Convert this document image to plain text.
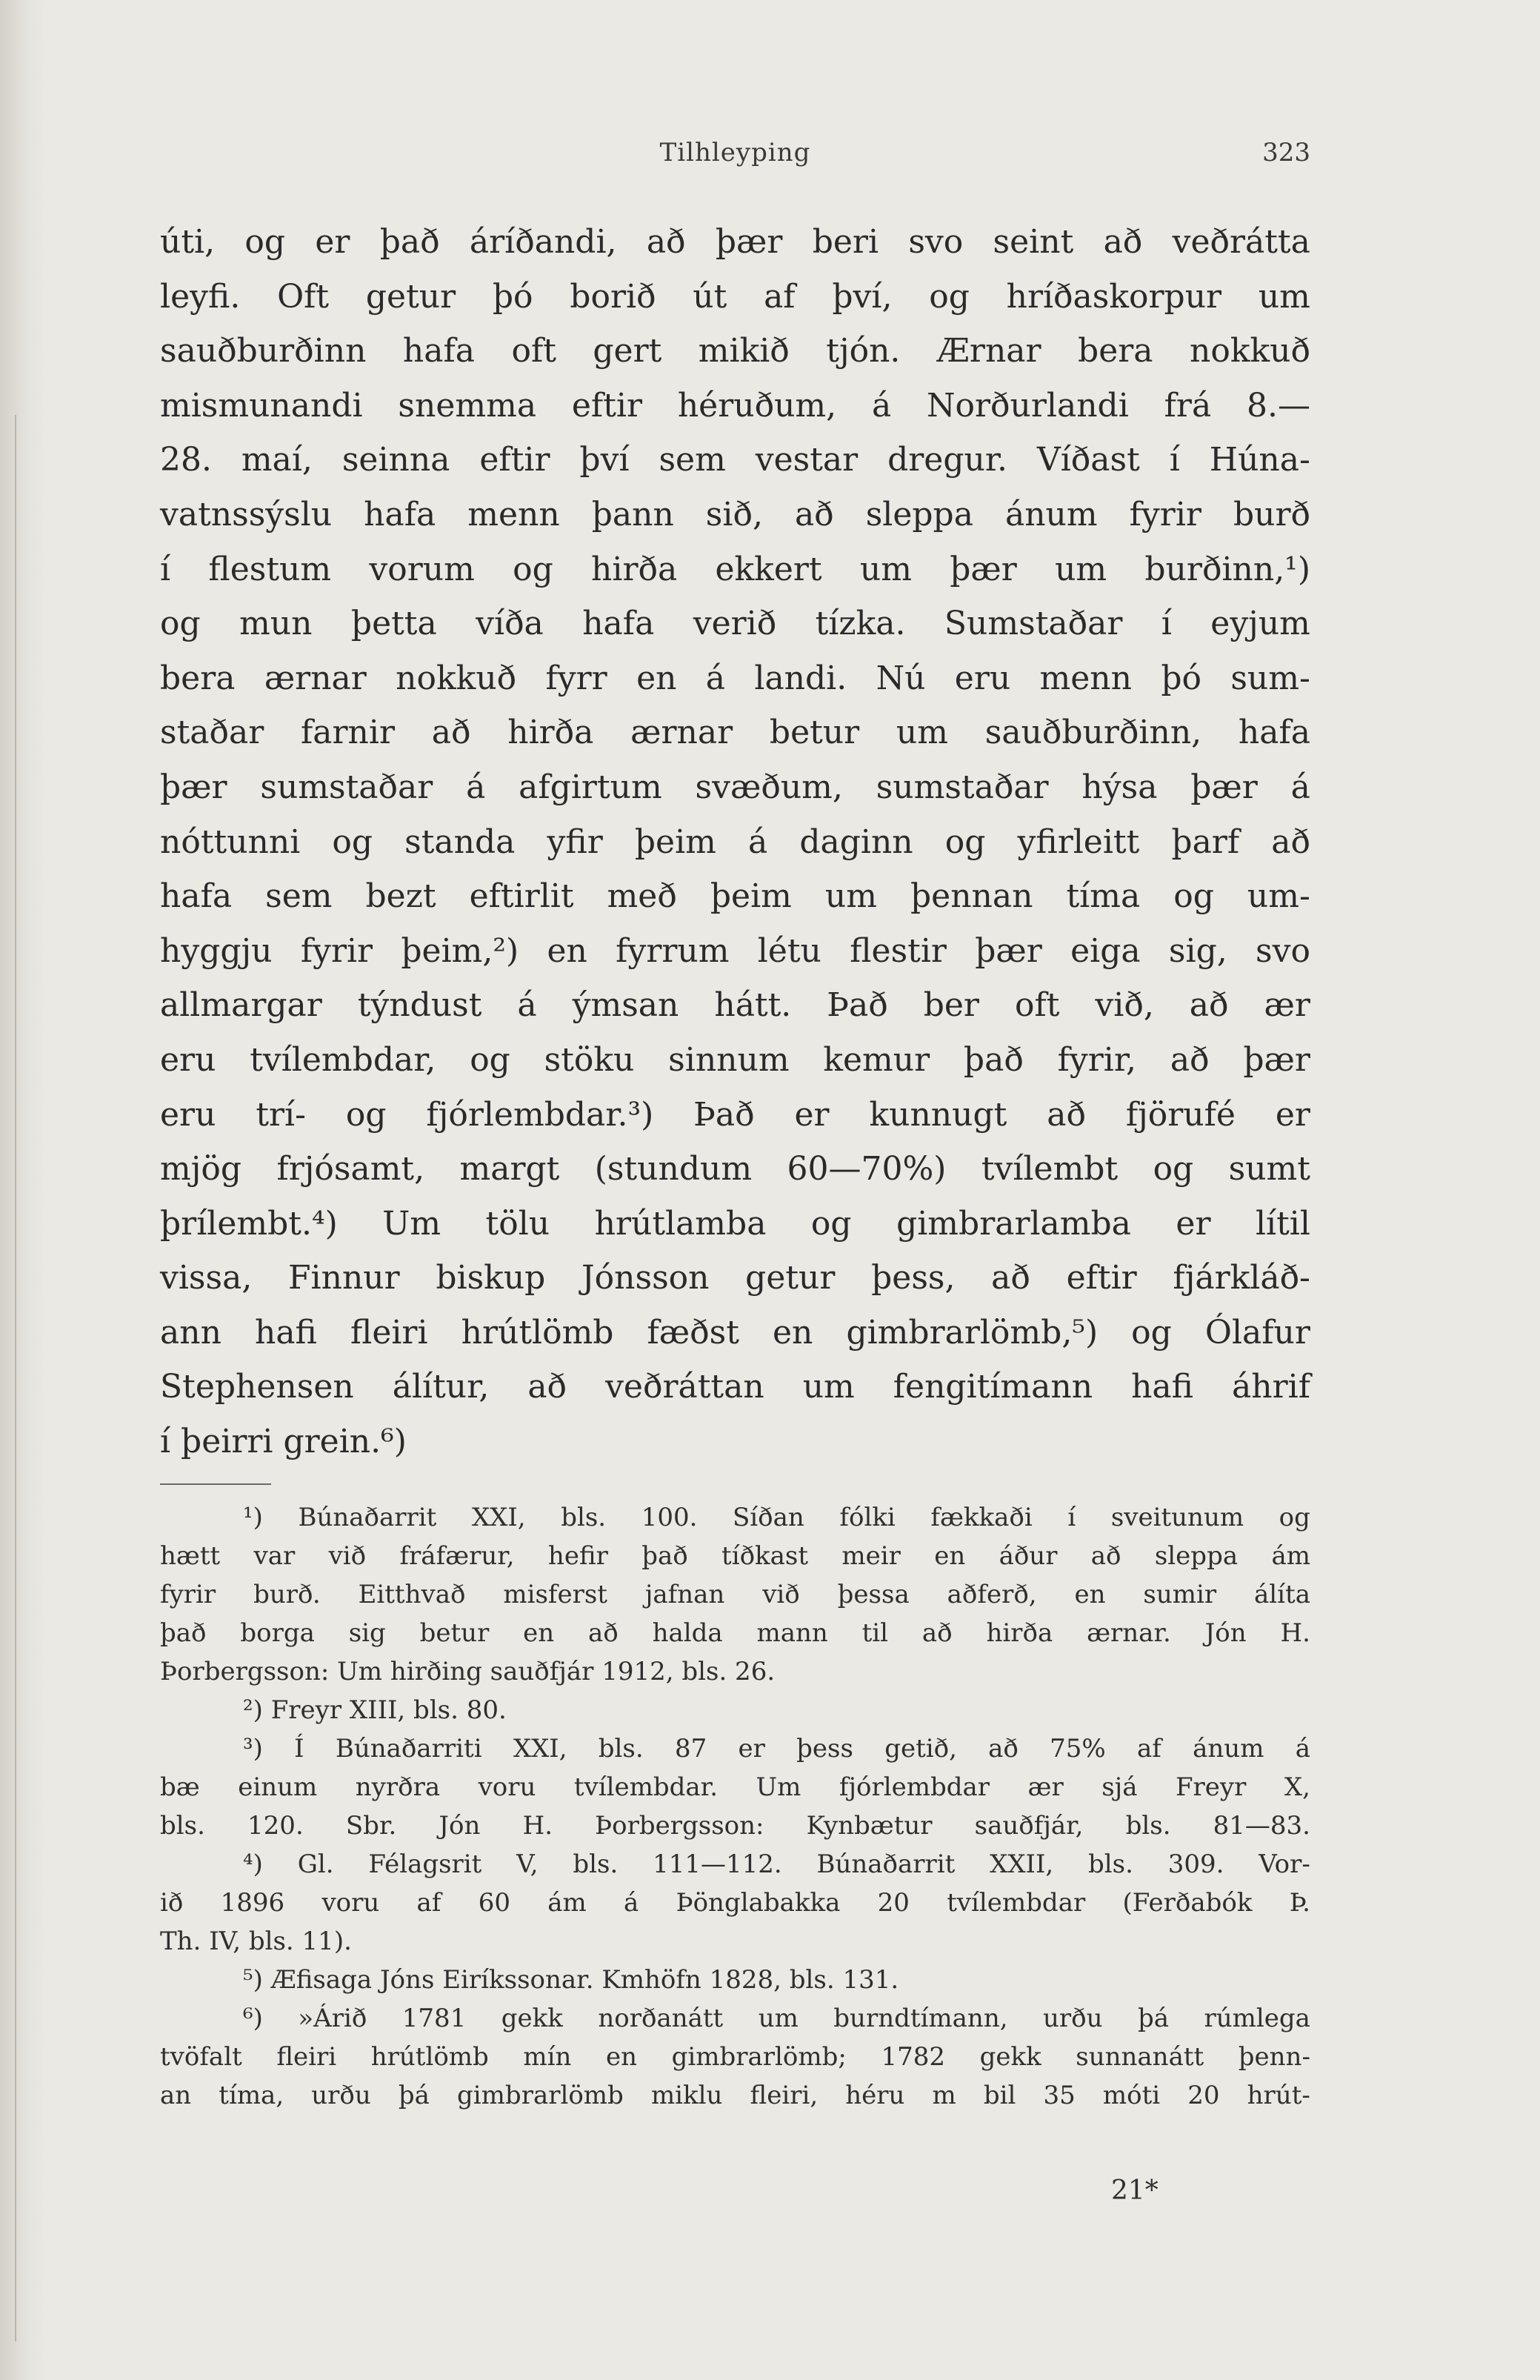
Tilhleyping	323
úti, og er það áríðandi, að þær beri svo seint að veðrátta
leyfi. Oft getur þó borið út af því, og hríðaskorpur um
sauðburðinn hafa oft gert mikið tjón. Ærnar bera nokkuð
mismunandi snemma eftir héruðum, á Norðurlandi frá 8.—
28. maí, seinna eftir því sem vestar dregur. Víðast í Húna-
vatnssýslu hafa menn þann sið, að sleppa ánum fyrir burð
í flestum vorum og hirða ekkert um þær um burðinn,¹)
og mun þetta víða hafa verið tízka. Sumstaðar í eyjum
bera ærnar nokkuð fyrr en á landi. Nú eru menn þó sum-
staðar farnir að hirða ærnar betur um sauðburðinn, hafa
þær sumstaðar á afgirtum svæðum, sumstaðar hýsa þær á
nóttunni og standa yfir þeim á daginn og yfirleitt þarf að
hafa sem bezt eftirlit með þeim um þennan tíma og um-
hyggju fyrir þeim,²) en fyrrum létu flestir þær eiga sig, svo
allmargar týndust á ýmsan hátt. Það ber oft við, að ær
eru tvílembdar, og stöku sinnum kemur það fyrir, að þær
eru trí- og fjórlembdar.³) Það er kunnugt að fjörufé er
mjög frjósamt, margt (stundum 60—70%) tvílembt og sumt
þrílembt.⁴) Um tölu hrútlamba og gimbrarlamba er lítil
vissa, Finnur biskup Jónsson getur þess, að eftir fjárkláð-
ann hafi fleiri hrútlömb fæðst en gimbrarlömb,⁵) og Ólafur
Stephensen álítur, að veðráttan um fengitímann hafi áhrif
í þeirri grein.⁶)
¹) Búnaðarrit XXI, bls. 100. Síðan fólki fækkaði í sveitunum og
hætt var við fráfærur, hefir það tíðkast meir en áður að sleppa ám
fyrir burð. Eitthvað misferst jafnan við þessa aðferð, en sumir álíta
það borga sig betur en að halda mann til að hirða ærnar. Jón H.
Þorbergsson: Um hirðing sauðfjár 1912, bls. 26.
²) Freyr XIII, bls. 80.
³) Í Búnaðarriti XXI, bls. 87 er þess getið, að 75% af ánum á
bæ einum nyrðra voru tvílembdar. Um fjórlembdar ær sjá Freyr X,
bls. 120. Sbr. Jón H. Þorbergsson: Kynbætur sauðfjár, bls. 81—83.
⁴) Gl. Félagsrit V, bls. 111—112. Búnaðarrit XXII, bls. 309. Vor-
ið 1896 voru af 60 ám á Þönglabakka 20 tvílembdar (Ferðabók Þ.
Th. IV, bls. 11).
⁵) Æfisaga Jóns Eiríkssonar. Kmhöfn 1828, bls. 131.
⁶) »Árið 1781 gekk norðanátt um burndtímann, urðu þá rúmlega
tvöfalt fleiri hrútlömb mín en gimbrarlömb; 1782 gekk sunnanátt þenn-
an tíma, urðu þá gimbrarlömb miklu fleiri, héru m bil 35 móti 20 hrút-
21*
